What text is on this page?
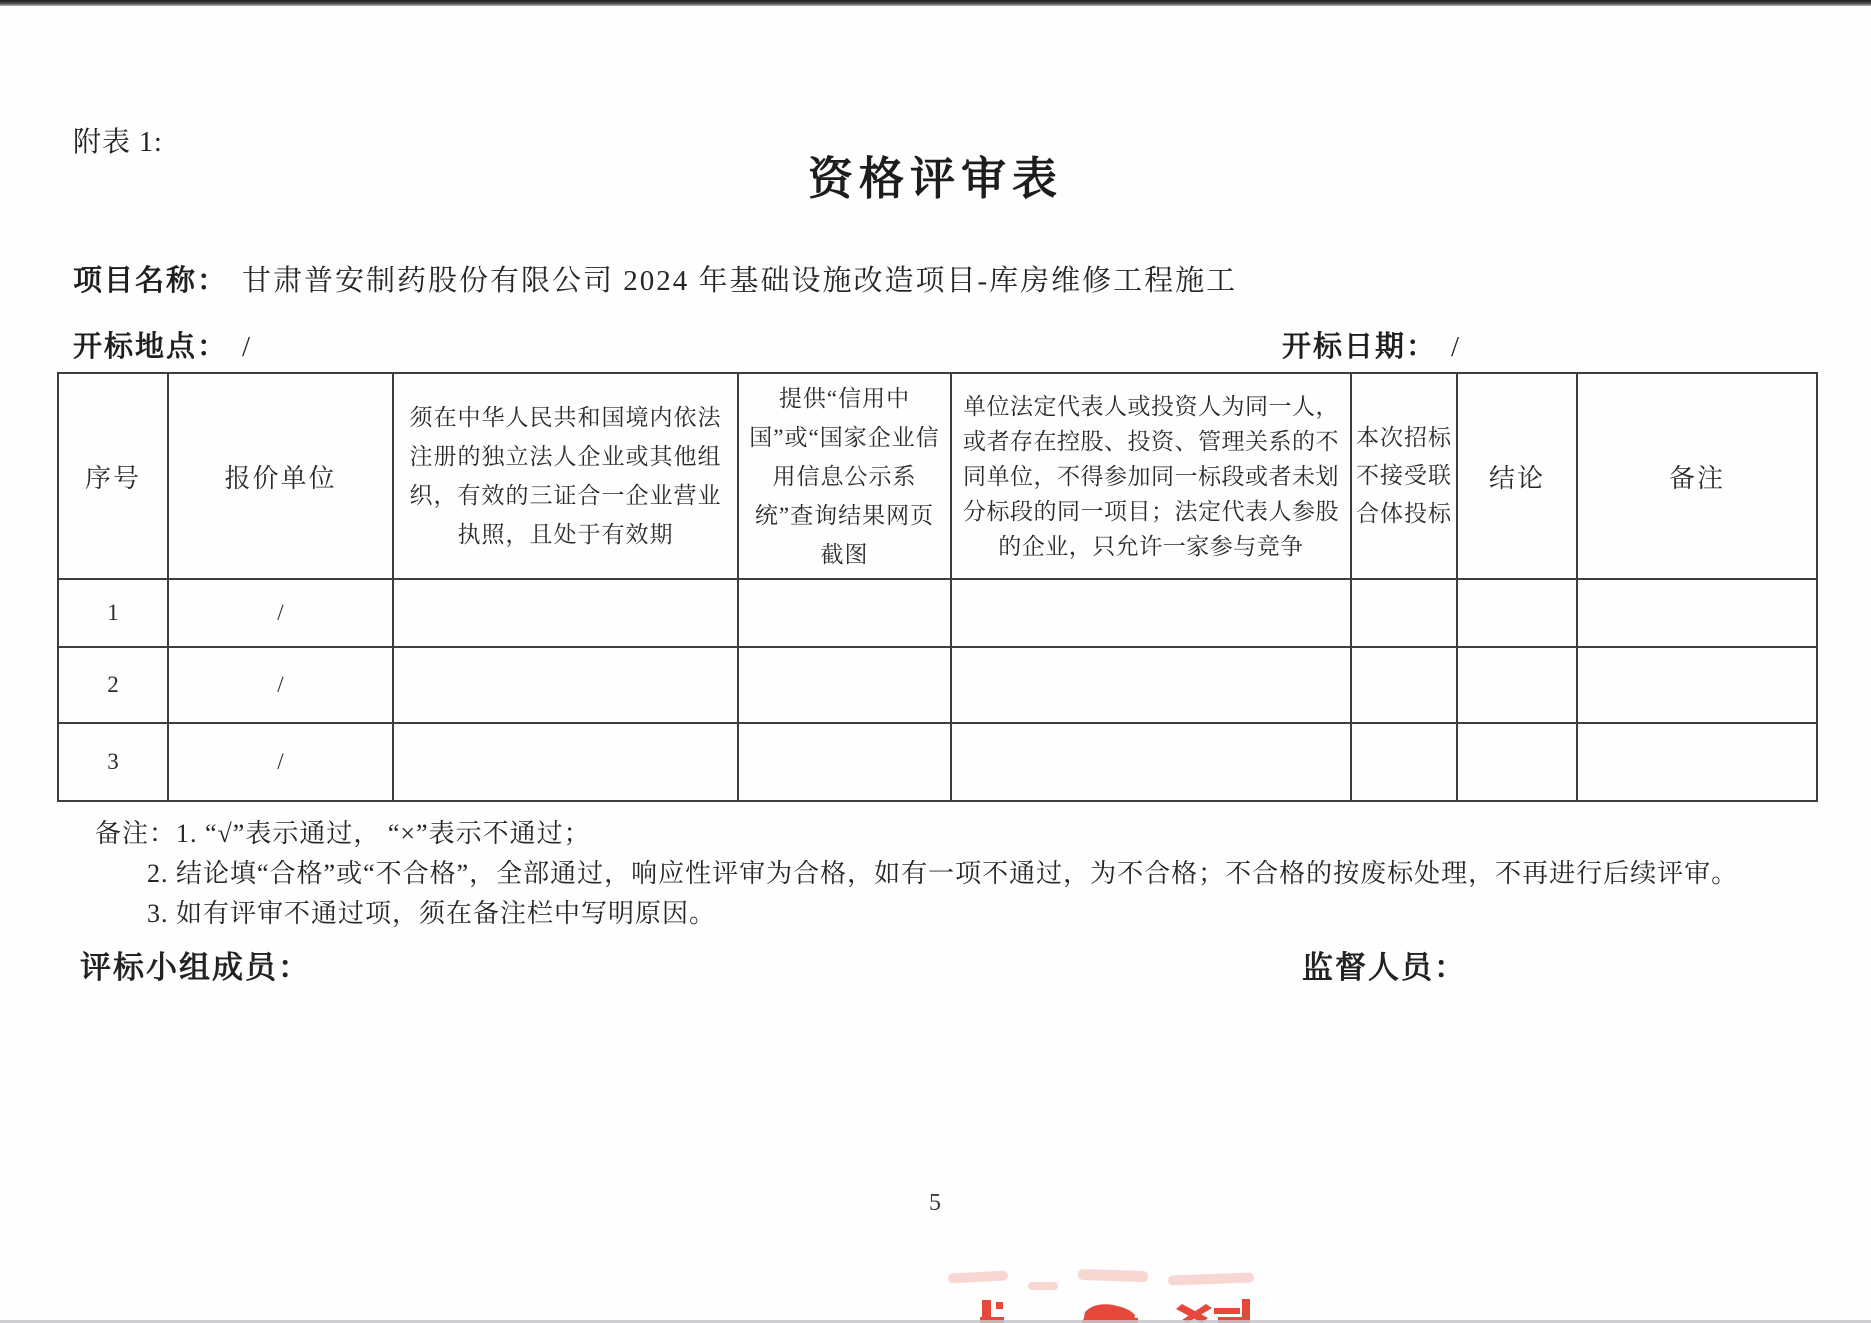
附表 1:
资格评审表
项目名称： 甘肃普安制药股份有限公司 2024 年基础设施改造项目-库房维修工程施工
开标地点： /	开标日期： /
序号	报价单位	须在中华人民共和国境内依法注册的独立法人企业或其他组织，有效的三证合一企业营业执照，且处于有效期	提供“信用中国”或“国家企业信用信息公示系统”查询结果网页截图	单位法定代表人或投资人为同一人，或者存在控股、投资、管理关系的不同单位，不得参加同一标段或者未划分标段的同一项目；法定代表人参股的企业，只允许一家参与竞争	本次招标不接受联合体投标	结论	备注
1	/						
2	/						
3	/						
备注：1. “√”表示通过， “×”表示不通过；
2. 结论填“合格”或“不合格”，全部通过，响应性评审为合格，如有一项不通过，为不合格；不合格的按废标处理，不再进行后续评审。
3. 如有评审不通过项，须在备注栏中写明原因。
评标小组成员：	监督人员：
5
